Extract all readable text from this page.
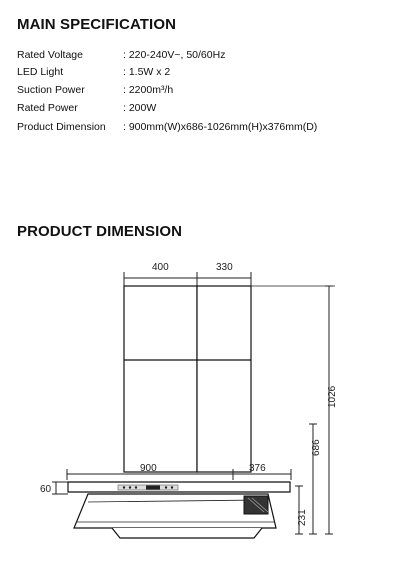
MAIN SPECIFICATION
Rated Voltage	: 220-240V~, 50/60Hz
LED Light	: 1.5W x 2
Suction Power	: 2200m³/h
Rated Power	: 200W
Product Dimension : 900mm(W)x686-1026mm(H)x376mm(D)
PRODUCT DIMENSION
400	330
900	376
60
231
686
1026
